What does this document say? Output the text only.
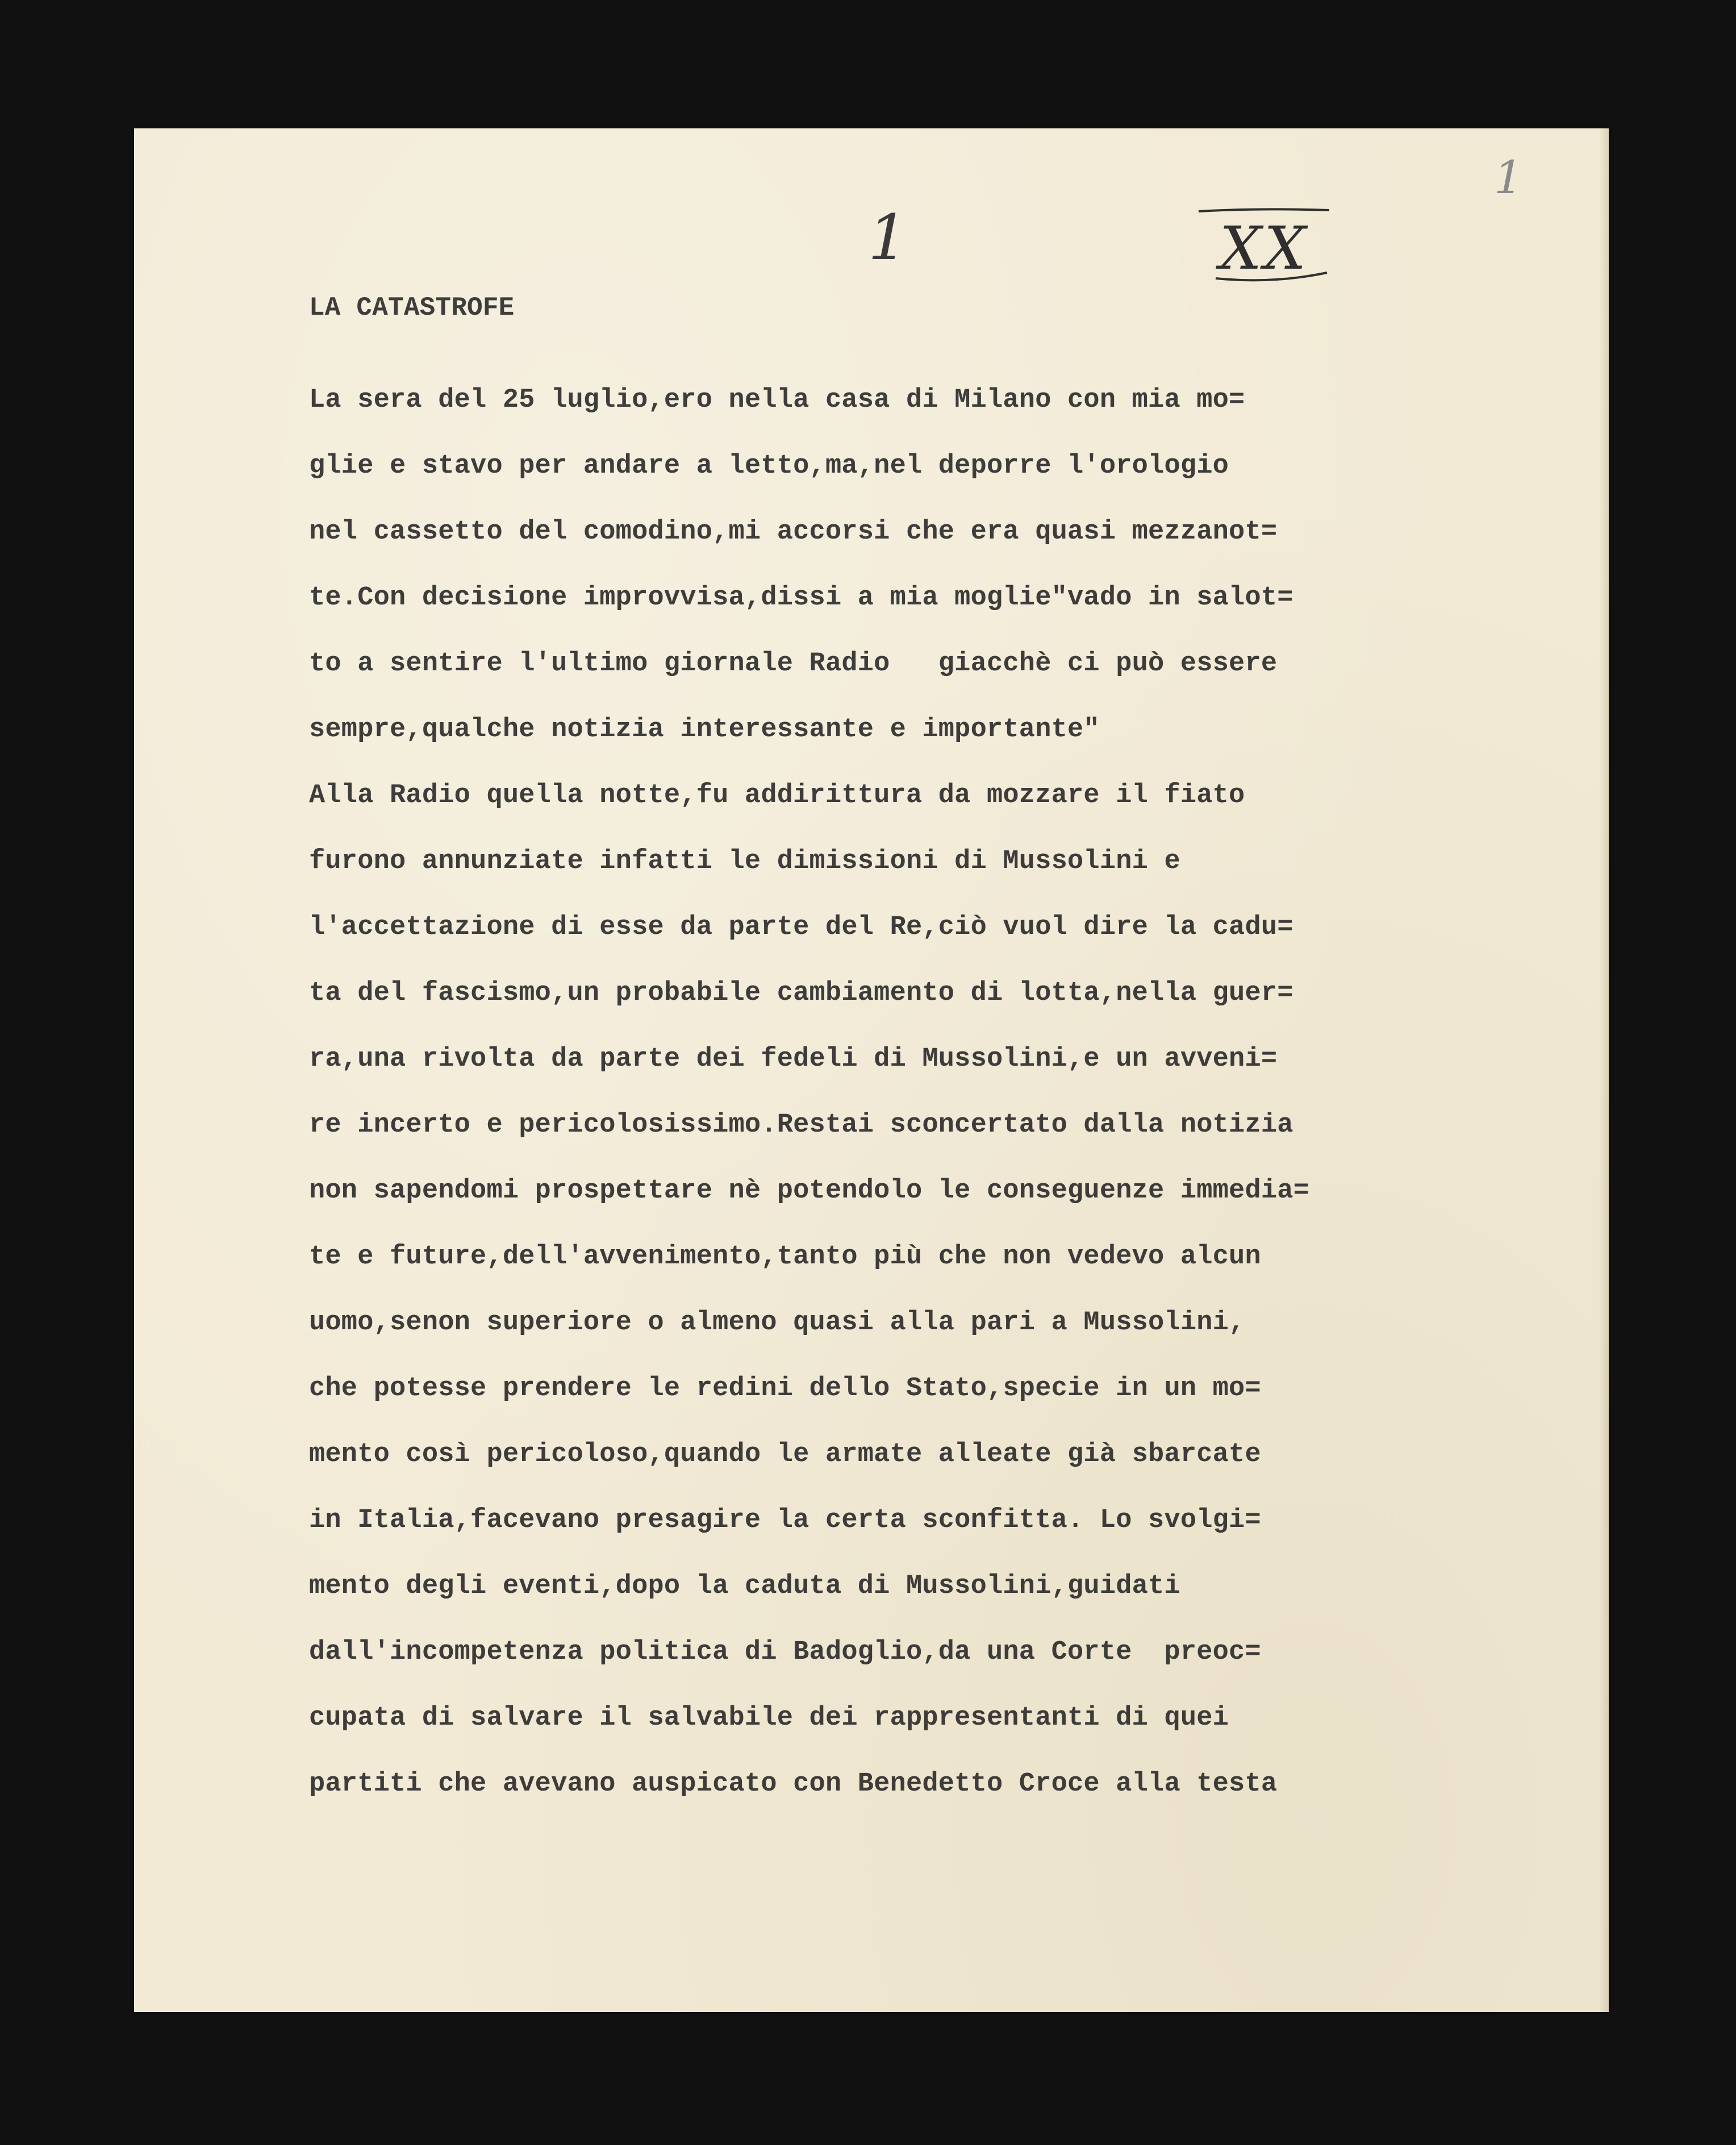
1
1
XX
LA CATASTROFE
La sera del 25 luglio,ero nella casa di Milano con mia mo=
glie e stavo per andare a letto,ma,nel deporre l'orologio
nel cassetto del comodino,mi accorsi che era quasi mezzanot=
te.Con decisione improvvisa,dissi a mia moglie"vado in salot=
to a sentire l'ultimo giornale Radio   giacchè ci può essere
sempre,qualche notizia interessante e importante"
Alla Radio quella notte,fu addirittura da mozzare il fiato
furono annunziate infatti le dimissioni di Mussolini e
l'accettazione di esse da parte del Re,ciò vuol dire la cadu=
ta del fascismo,un probabile cambiamento di lotta,nella guer=
ra,una rivolta da parte dei fedeli di Mussolini,e un avveni=
re incerto e pericolosissimo.Restai sconcertato dalla notizia
non sapendomi prospettare nè potendolo le conseguenze immedia=
te e future,dell'avvenimento,tanto più che non vedevo alcun
uomo,senon superiore o almeno quasi alla pari a Mussolini,
che potesse prendere le redini dello Stato,specie in un mo=
mento così pericoloso,quando le armate alleate già sbarcate
in Italia,facevano presagire la certa sconfitta. Lo svolgi=
mento degli eventi,dopo la caduta di Mussolini,guidati
dall'incompetenza politica di Badoglio,da una Corte  preoc=
cupata di salvare il salvabile dei rappresentanti di quei
partiti che avevano auspicato con Benedetto Croce alla testa
